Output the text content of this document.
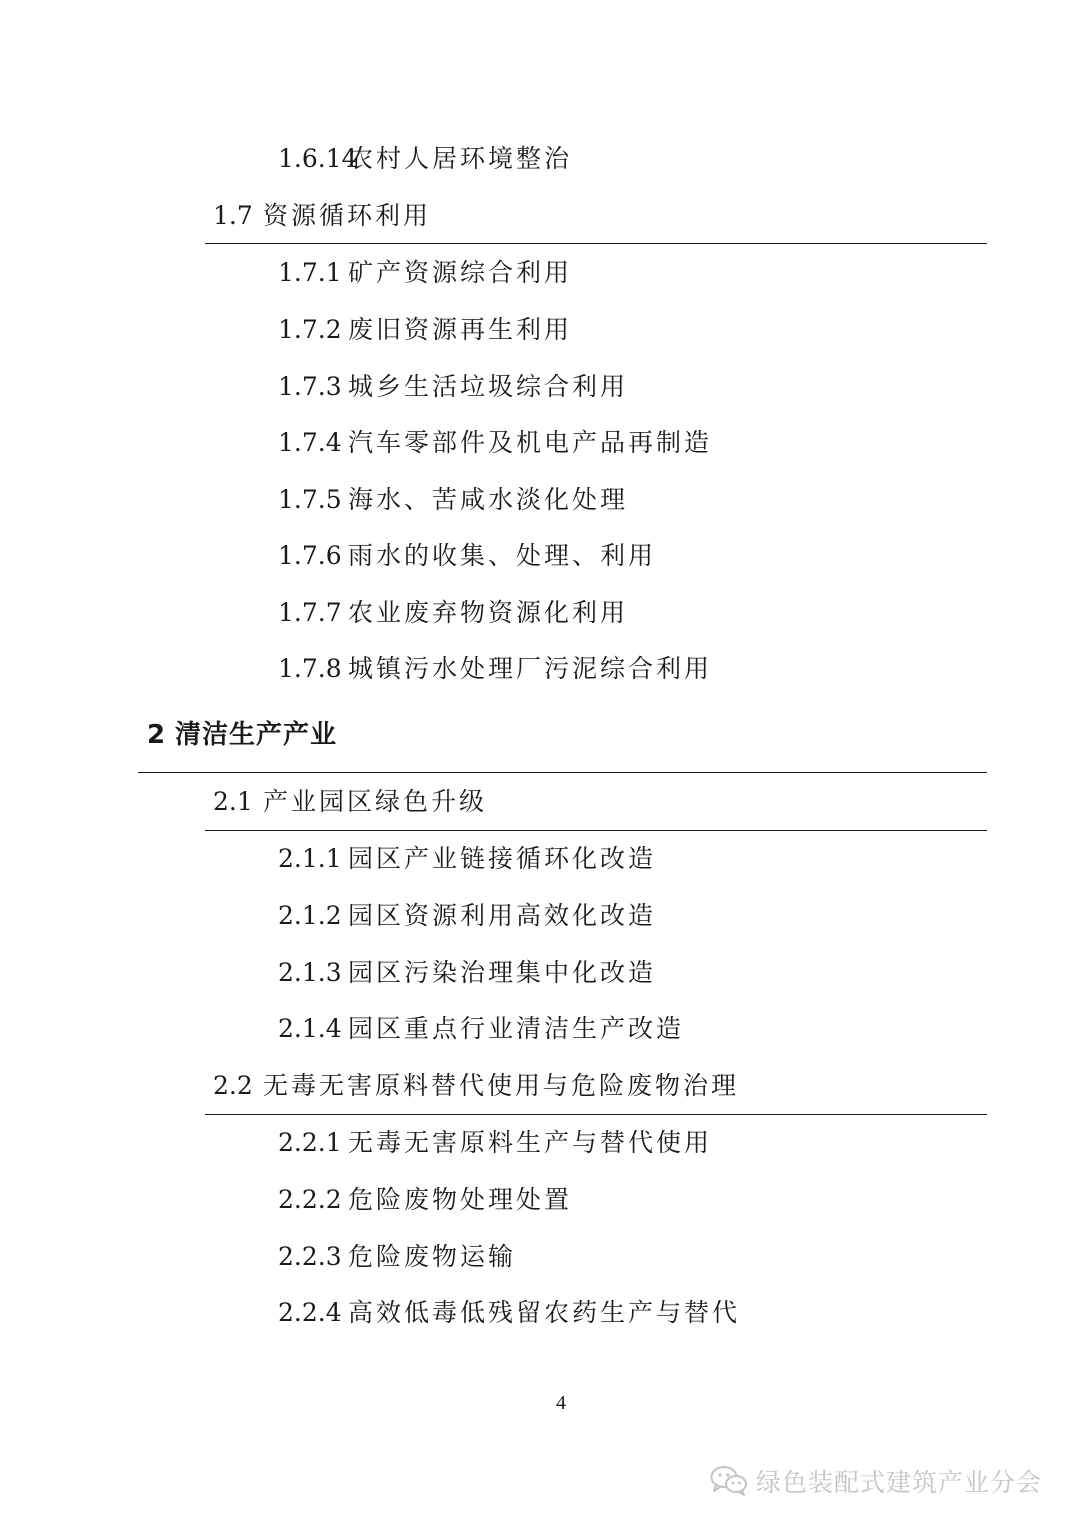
1.6.14农村人居环境整治
1.7 资源循环利用
1.7.1 矿产资源综合利用
1.7.2 废旧资源再生利用
1.7.3 城乡生活垃圾综合利用
1.7.4 汽车零部件及机电产品再制造
1.7.5 海水、苦咸水淡化处理
1.7.6 雨水的收集、处理、利用
1.7.7 农业废弃物资源化利用
1.7.8 城镇污水处理厂污泥综合利用
2 清洁生产产业
2.1 产业园区绿色升级
2.1.1 园区产业链接循环化改造
2.1.2 园区资源利用高效化改造
2.1.3 园区污染治理集中化改造
2.1.4 园区重点行业清洁生产改造
2.2 无毒无害原料替代使用与危险废物治理
2.2.1 无毒无害原料生产与替代使用
2.2.2 危险废物处理处置
2.2.3 危险废物运输
2.2.4 高效低毒低残留农药生产与替代
4
绿色装配式建筑产业分会
